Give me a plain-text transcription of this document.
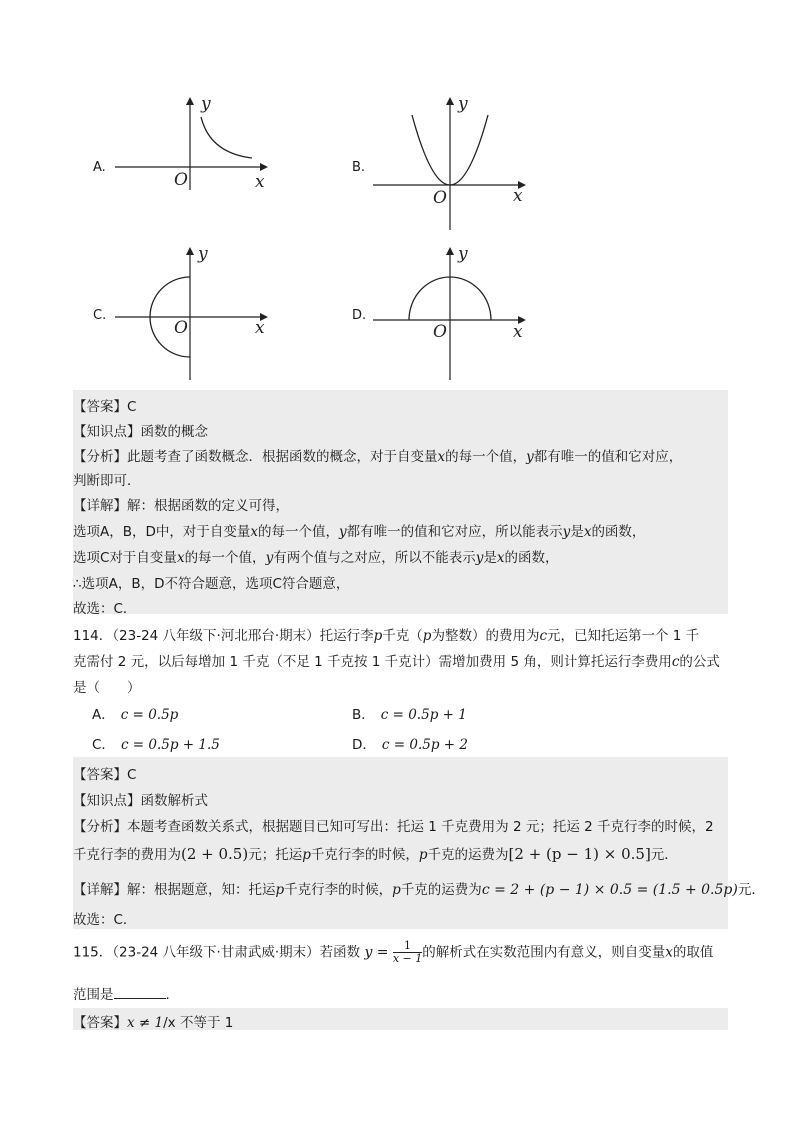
A.
y
x
O
B.
y
x
O
C.
y
x
O
D.
y
x
O
【答案】C
【知识点】函数的概念
【分析】此题考查了函数概念．根据函数的概念，对于自变量x的每一个值，y都有唯一的值和它对应，
判断即可．
【详解】解：根据函数的定义可得，
选项A，B，D中，对于自变量x的每一个值，y都有唯一的值和它对应，所以能表示y是x的函数，
选项C对于自变量x的每一个值，y有两个值与之对应，所以不能表示y是x的函数，
∴选项A，B，D不符合题意，选项C符合题意，
故选：C．
114．（23-24 八年级下·河北邢台·期末）托运行李p千克（p为整数）的费用为c元，已知托运第一个 1 千
克需付 2 元，以后每增加 1 千克（不足 1 千克按 1 千克计）需增加费用 5 角，则计算托运行李费用c的公式
是（　　）
A． c = 0.5p	B． c = 0.5p + 1
C． c = 0.5p + 1.5	D． c = 0.5p + 2
【答案】C
【知识点】函数解析式
【分析】本题考查函数关系式，根据题目已知可写出：托运 1 千克费用为 2 元；托运 2 千克行李的时候，2
千克行李的费用为(2 + 0.5)元；托运p千克行李的时候，p千克的运费为[2 + (p − 1) × 0.5]元．
【详解】解：根据题意，知：托运p千克行李的时候，p千克的运费为c = 2 + (p − 1) × 0.5 = (1.5 + 0.5p)元．
故选：C．
115．（23-24 八年级下·甘肃武威·期末）若函数 $y = \frac{1}{x - 1}$ 的解析式在实数范围内有意义，则自变量x的取值
范围是	．
【答案】x ≠ 1/x 不等于 1
